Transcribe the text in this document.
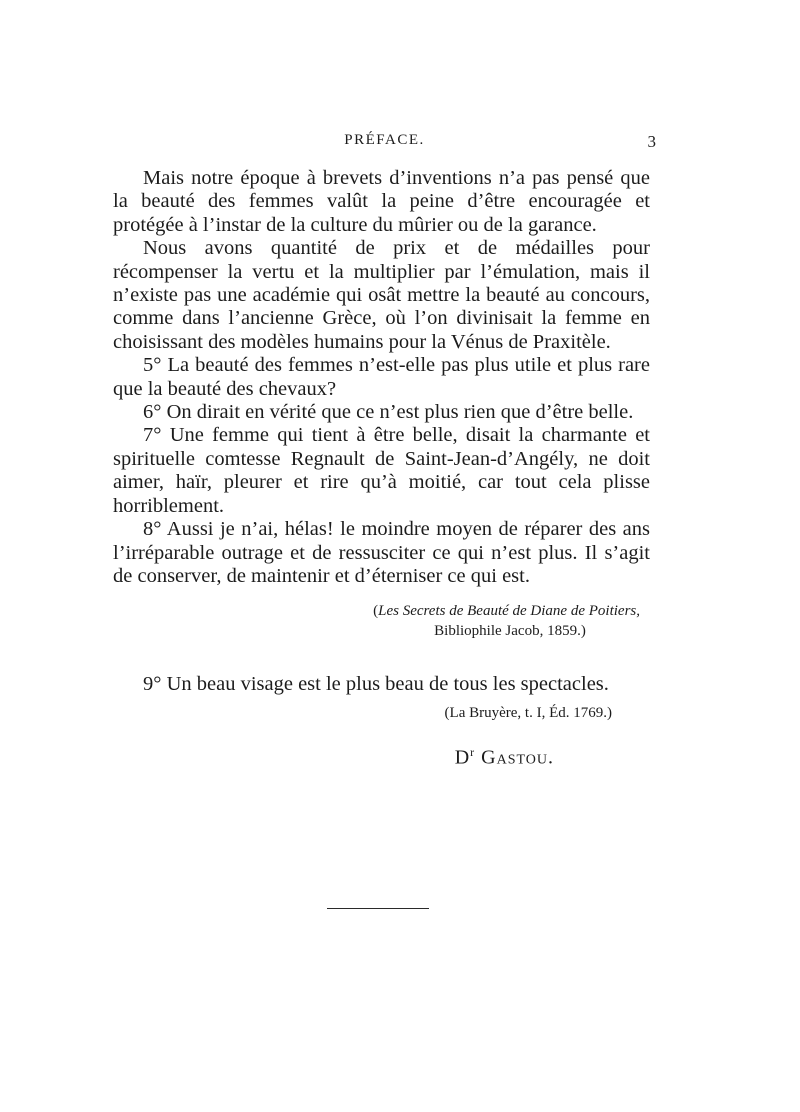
PRÉFACE.	3

Mais notre époque à brevets d’inventions n’a pas pensé que la beauté des femmes valût la peine d’être encouragée et protégée à l’instar de la culture du mûrier ou de la garance.

Nous avons quantité de prix et de médailles pour récompenser la vertu et la multiplier par l’émulation, mais il n’existe pas une académie qui osât mettre la beauté au concours, comme dans l’ancienne Grèce, où l’on divinisait la femme en choisissant des modèles humains pour la Vénus de Praxitèle.

5° La beauté des femmes n’est-elle pas plus utile et plus rare que la beauté des chevaux?

6° On dirait en vérité que ce n’est plus rien que d’être belle.

7° Une femme qui tient à être belle, disait la charmante et spirituelle comtesse Regnault de Saint-Jean-d’Angély, ne doit aimer, haïr, pleurer et rire qu’à moitié, car tout cela plisse horriblement.

8° Aussi je n’ai, hélas! le moindre moyen de réparer des ans l’irréparable outrage et de ressusciter ce qui n’est plus. Il s’agit de conserver, de maintenir et d’éterniser ce qui est.

(Les Secrets de Beauté de Diane de Poitiers,
Bibliophile Jacob, 1859.)

9° Un beau visage est le plus beau de tous les spectacles.

(La Bruyère, t. I, Éd. 1769.)
$D^r$ Gastou.
